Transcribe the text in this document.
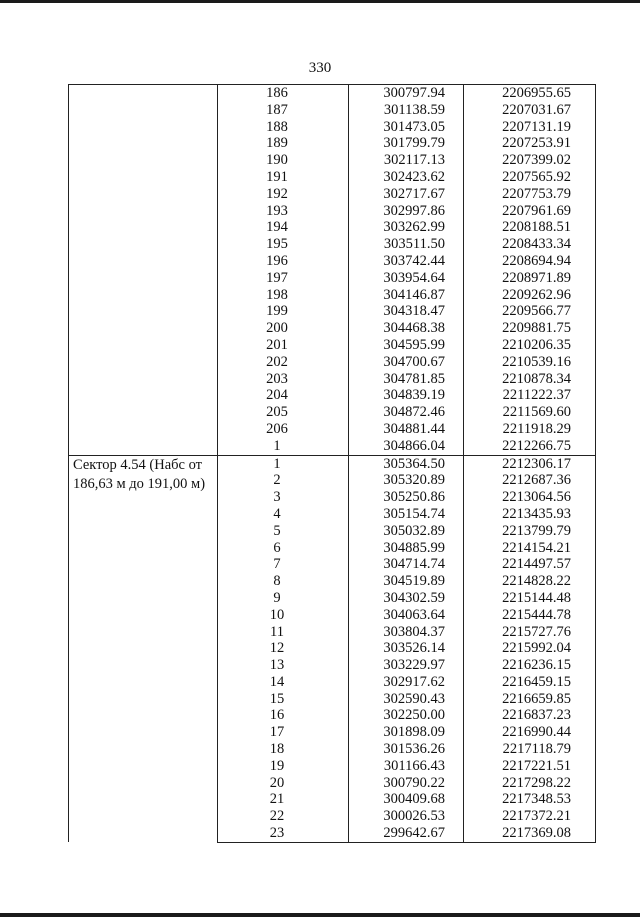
330
	186	300797.94	2206955.65
	187	301138.59	2207031.67
	188	301473.05	2207131.19
	189	301799.79	2207253.91
	190	302117.13	2207399.02
	191	302423.62	2207565.92
	192	302717.67	2207753.79
	193	302997.86	2207961.69
	194	303262.99	2208188.51
	195	303511.50	2208433.34
	196	303742.44	2208694.94
	197	303954.64	2208971.89
	198	304146.87	2209262.96
	199	304318.47	2209566.77
	200	304468.38	2209881.75
	201	304595.99	2210206.35
	202	304700.67	2210539.16
	203	304781.85	2210878.34
	204	304839.19	2211222.37
	205	304872.46	2211569.60
	206	304881.44	2211918.29
	1	304866.04	2212266.75
Сектор 4.54 (Набс от 186,63 м до 191,00 м)	1	305364.50	2212306.17
	2	305320.89	2212687.36
	3	305250.86	2213064.56
	4	305154.74	2213435.93
	5	305032.89	2213799.79
	6	304885.99	2214154.21
	7	304714.74	2214497.57
	8	304519.89	2214828.22
	9	304302.59	2215144.48
	10	304063.64	2215444.78
	11	303804.37	2215727.76
	12	303526.14	2215992.04
	13	303229.97	2216236.15
	14	302917.62	2216459.15
	15	302590.43	2216659.85
	16	302250.00	2216837.23
	17	301898.09	2216990.44
	18	301536.26	2217118.79
	19	301166.43	2217221.51
	20	300790.22	2217298.22
	21	300409.68	2217348.53
	22	300026.53	2217372.21
	23	299642.67	2217369.08
